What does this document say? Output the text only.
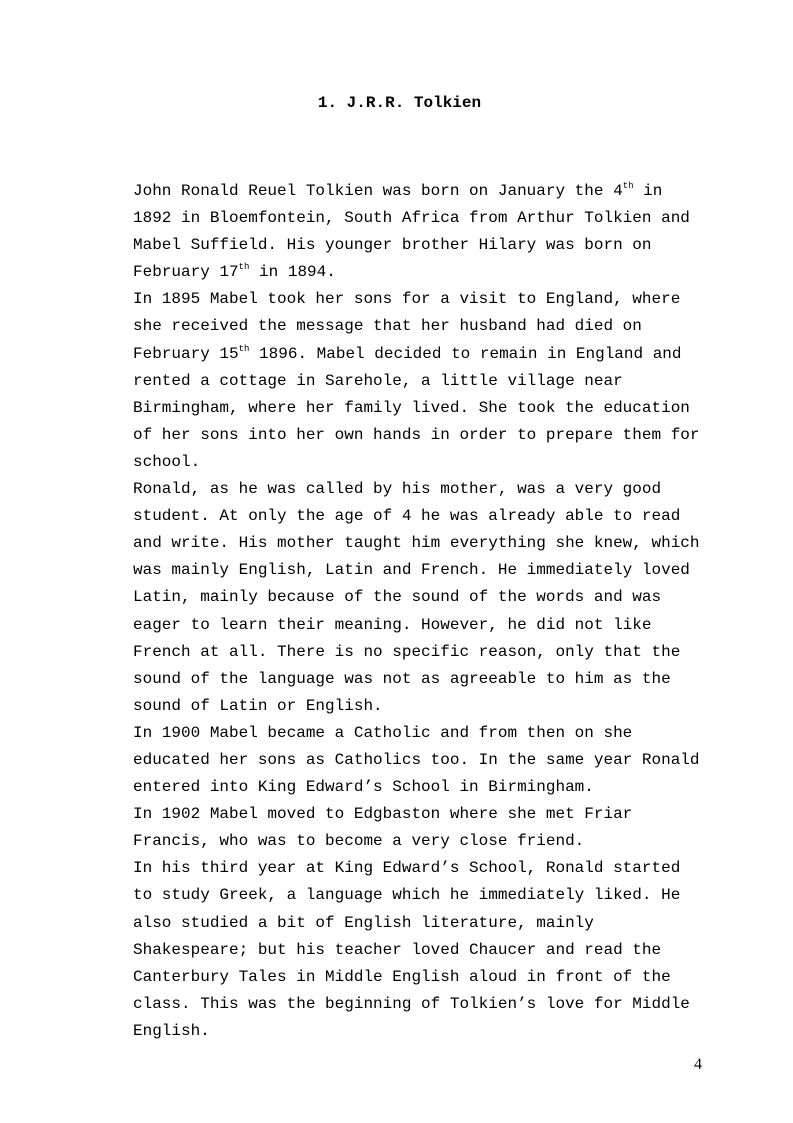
1. J.R.R. Tolkien
John Ronald Reuel Tolkien was born on January the 4th in
1892 in Bloemfontein, South Africa from Arthur Tolkien and
Mabel Suffield. His younger brother Hilary was born on
February 17th in 1894.
In 1895 Mabel took her sons for a visit to England, where
she received the message that her husband had died on
February 15th 1896. Mabel decided to remain in England and
rented a cottage in Sarehole, a little village near
Birmingham, where her family lived. She took the education
of her sons into her own hands in order to prepare them for
school.
Ronald, as he was called by his mother, was a very good
student. At only the age of 4 he was already able to read
and write. His mother taught him everything she knew, which
was mainly English, Latin and French. He immediately loved
Latin, mainly because of the sound of the words and was
eager to learn their meaning. However, he did not like
French at all. There is no specific reason, only that the
sound of the language was not as agreeable to him as the
sound of Latin or English.
In 1900 Mabel became a Catholic and from then on she
educated her sons as Catholics too. In the same year Ronald
entered into King Edward’s School in Birmingham.
In 1902 Mabel moved to Edgbaston where she met Friar
Francis, who was to become a very close friend.
In his third year at King Edward’s School, Ronald started
to study Greek, a language which he immediately liked. He
also studied a bit of English literature, mainly
Shakespeare; but his teacher loved Chaucer and read the
Canterbury Tales in Middle English aloud in front of the
class. This was the beginning of Tolkien’s love for Middle
English.
4
